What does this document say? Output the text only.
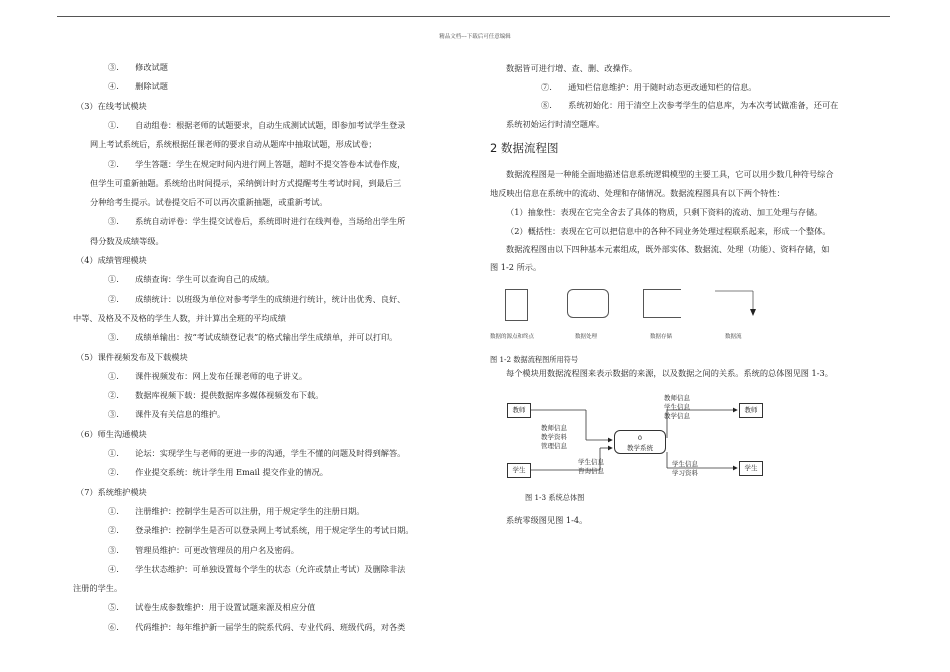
精品文档---下载后可任意编辑
③.　　修改试题
④.　　删除试题
（3）在线考试模块
①.　　自动组卷：根据老师的试题要求，自动生成测试试题，即参加考试学生登录
网上考试系统后，系统根据任课老师的要求自动从题库中抽取试题，形成试卷；
②.　　学生答题：学生在规定时间内进行网上答题，超时不提交答卷本试卷作废，
但学生可重新抽题。系统给出时间提示，采纳倒计时方式提醒考生考试时间，到最后三
分种给考生提示。试卷提交后不可以再次重新抽题，或重新考试。
③.　　系统自动评卷：学生提交试卷后，系统即时进行在线判卷，当场给出学生所
得分数及成绩等级。
（4）成绩管理模块
①.　　成绩查询：学生可以查询自己的成绩。
②.　　成绩统计：以班级为单位对参考学生的成绩进行统计，统计出优秀、良好、
中等、及格及不及格的学生人数，并计算出全班的平均成绩
③.　　成绩单输出：按“考试成绩登记表”的格式输出学生成绩单，并可以打印。
（5）课件视频发布及下载模块
①.　　课件视频发布：网上发布任课老师的电子讲义。
②.　　数据库视频下载：提供数据库多媒体视频发布下载。
③.　　课件及有关信息的维护。
（6）师生沟通模块
①.　　论坛：实现学生与老师的更进一步的沟通，学生不懂的问题及时得到解答。
②.　　作业提交系统：统计学生用 Email 提交作业的情况。
（7）系统维护模块
①.　　注册维护：控制学生是否可以注册，用于规定学生的注册日期。
②.　　登录维护：控制学生是否可以登录网上考试系统，用于规定学生的考试日期。
③.　　管理员维护：可更改管理员的用户名及密码。
④.　　学生状态维护：可单独设置每个学生的状态（允许或禁止考试）及删除非法
注册的学生。
⑤.　　试卷生成参数维护：用于设置试题来源及相应分值
⑥.　　代码维护：每年维护新一届学生的院系代码、专业代码、班级代码，对各类
数据皆可进行增、查、删、改操作。
⑦.　　通知栏信息维护：用于随时动态更改通知栏的信息。
⑧.　　系统初始化：用于清空上次参考学生的信息库，为本次考试做准备，还可在
系统初始运行时清空题库。
2 数据流程图
数据流程图是一种能全面地描述信息系统逻辑模型的主要工具，它可以用少数几种符号综合
地反映出信息在系统中的流动、处理和存储情况。数据流程图具有以下两个特性：
（1）抽象性：表现在它完全舍去了具体的物质，只剩下资料的流动、加工处理与存储。
（2）概括性：表现在它可以把信息中的各种不同业务处理过程联系起来，形成一个整体。
数据流程图由以下四种基本元素组成，既外部实体、数据流、处理（功能）、资料存储，如
图 1-2 所示。
数据的源点和终点	数据处理	数据存储	数据流
图 1-2 数据流程图所用符号
每个模块用数据流程图来表示数据的来源，以及数据之间的关系。系统的总体图见图 1-3。
教师
学生
教师
学生
0
教学系统
教师信息
教学资料
管理信息
学生信息
咨询信息
教师信息
学生信息
教学信息
学生信息
学习资料
图 1-3 系统总体图
系统零级图见图 1-4。
